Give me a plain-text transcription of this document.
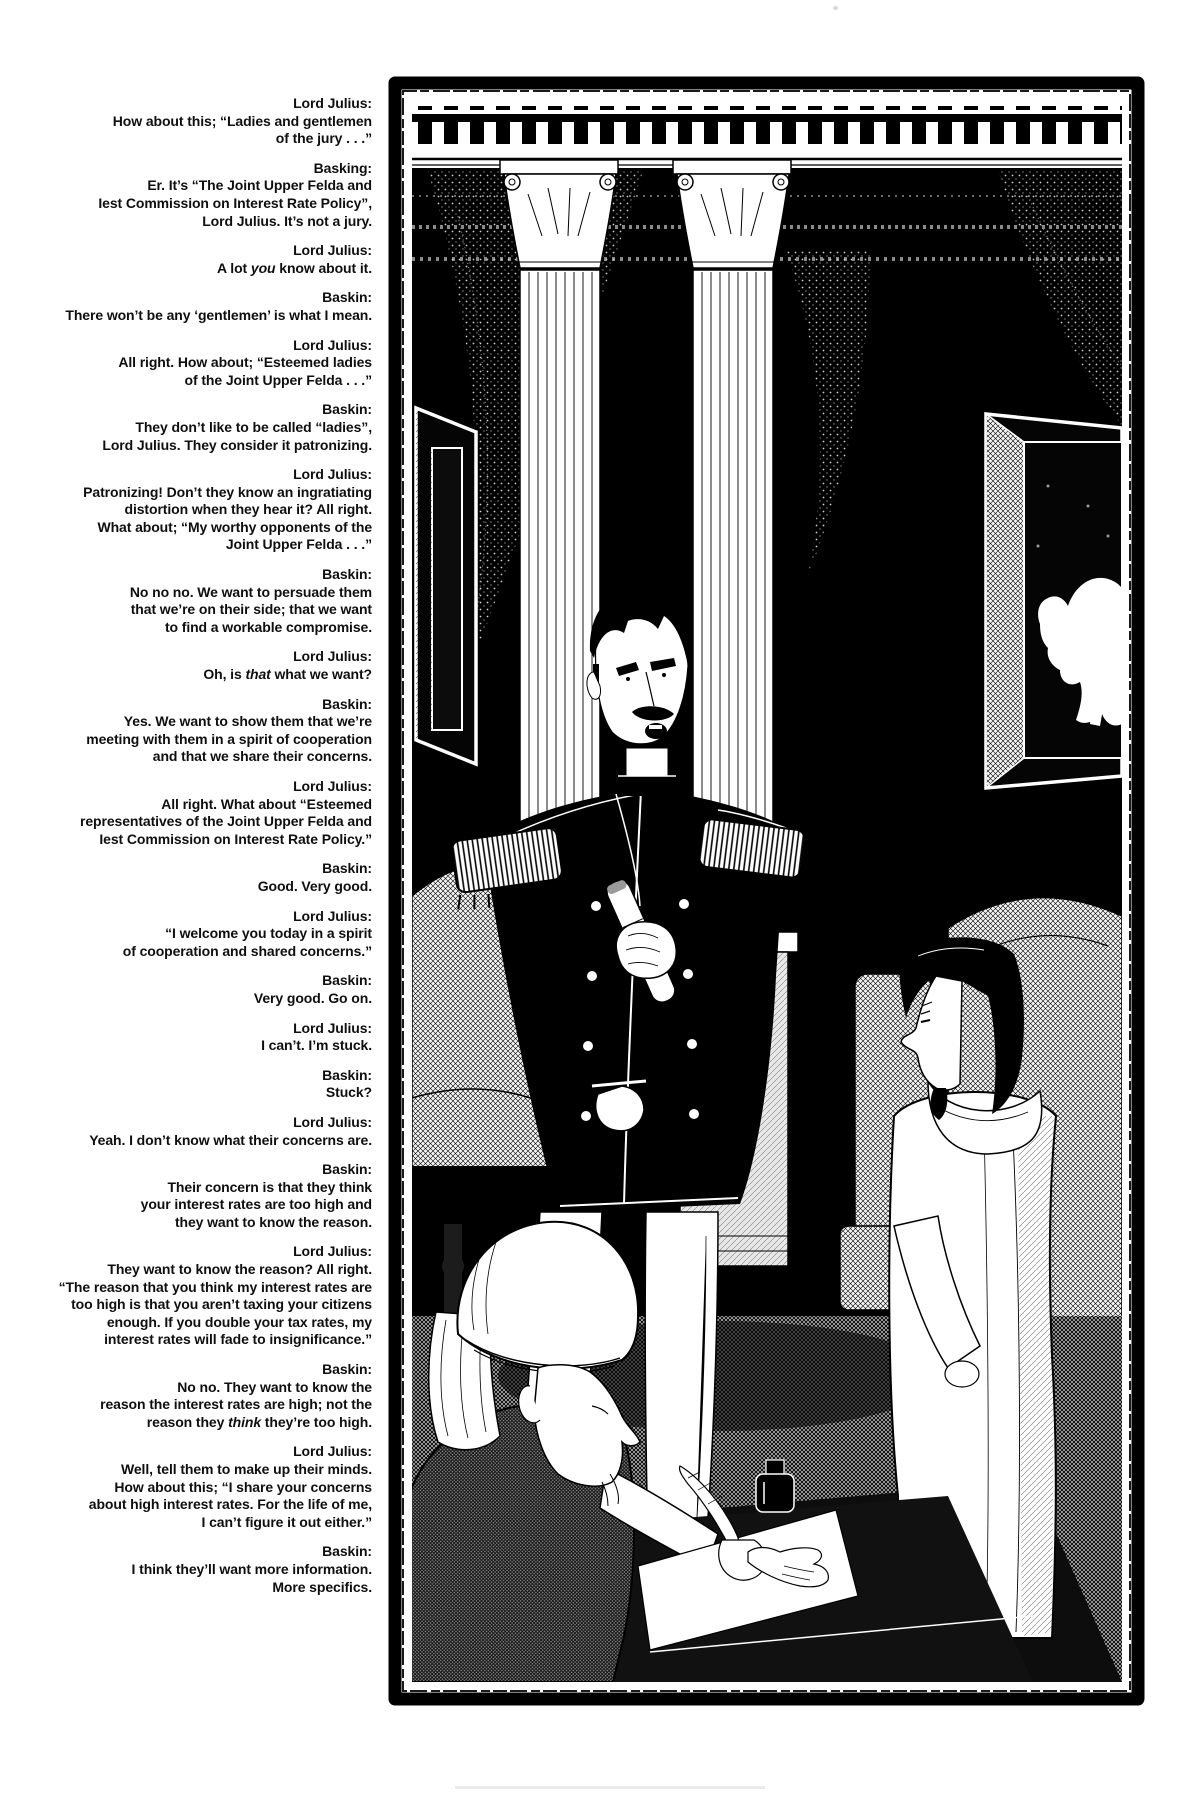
Lord Julius:
How about this; “Ladies and gentlemen
of the jury . . .”
Basking:
Er. It’s “The Joint Upper Felda and
Iest Commission on Interest Rate Policy”,
Lord Julius. It’s not a jury.
Lord Julius:
A lot you know about it.
Baskin:
There won’t be any ‘gentlemen’ is what I mean.
Lord Julius:
All right. How about; “Esteemed ladies
of the Joint Upper Felda . . .”
Baskin:
They don’t like to be called “ladies”,
Lord Julius. They consider it patronizing.
Lord Julius:
Patronizing! Don’t they know an ingratiating
distortion when they hear it? All right.
What about; “My worthy opponents of the
Joint Upper Felda . . .”
Baskin:
No no no. We want to persuade them
that we’re on their side; that we want
to find a workable compromise.
Lord Julius:
Oh, is that what we want?
Baskin:
Yes. We want to show them that we’re
meeting with them in a spirit of cooperation
and that we share their concerns.
Lord Julius:
All right. What about “Esteemed
representatives of the Joint Upper Felda and
Iest Commission on Interest Rate Policy.”
Baskin:
Good. Very good.
Lord Julius:
“I welcome you today in a spirit
of cooperation and shared concerns.”
Baskin:
Very good. Go on.
Lord Julius:
I can’t. I’m stuck.
Baskin:
Stuck?
Lord Julius:
Yeah. I don’t know what their concerns are.
Baskin:
Their concern is that they think
your interest rates are too high and
they want to know the reason.
Lord Julius:
They want to know the reason? All right.
“The reason that you think my interest rates are
too high is that you aren’t taxing your citizens
enough. If you double your tax rates, my
interest rates will fade to insignificance.”
Baskin:
No no. They want to know the
reason the interest rates are high; not the
reason they think they’re too high.
Lord Julius:
Well, tell them to make up their minds.
How about this; “I share your concerns
about high interest rates. For the life of me,
I can’t figure it out either.”
Baskin:
I think they’ll want more information.
More specifics.
